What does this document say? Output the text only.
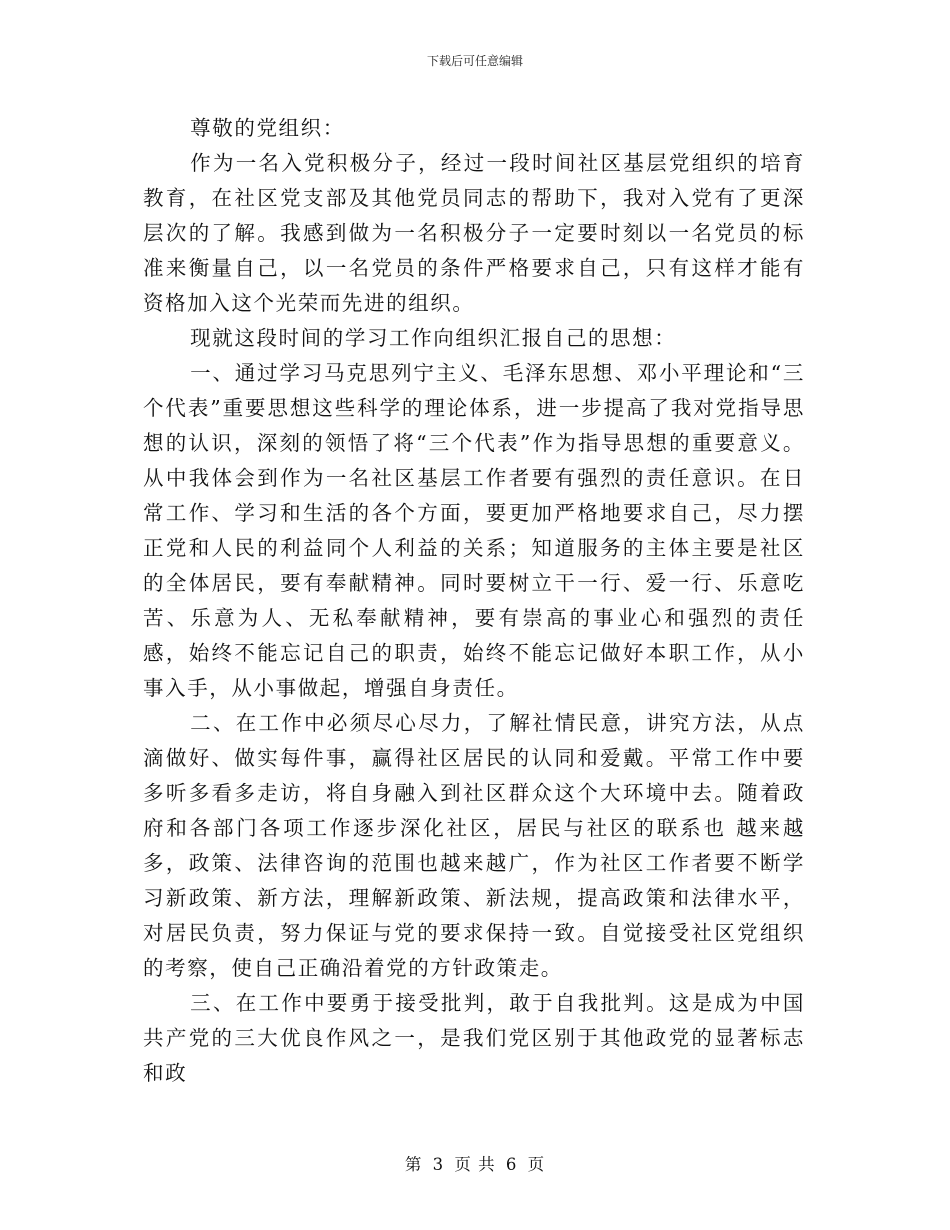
下载后可任意编辑

尊敬的党组织：

作为一名入党积极分子，经过一段时间社区基层党组织的培育教育，在社区党支部及其他党员同志的帮助下，我对入党有了更深层次的了解。我感到做为一名积极分子一定要时刻以一名党员的标准来衡量自己，以一名党员的条件严格要求自己，只有这样才能有资格加入这个光荣而先进的组织。

现就这段时间的学习工作向组织汇报自己的思想：

一、通过学习马克思列宁主义、毛泽东思想、邓小平理论和“三个代表”重要思想这些科学的理论体系，进一步提高了我对党指导思想的认识，深刻的领悟了将“三个代表”作为指导思想的重要意义。从中我体会到作为一名社区基层工作者要有强烈的责任意识。在日常工作、学习和生活的各个方面，要更加严格地要求自己，尽力摆正党和人民的利益同个人利益的关系；知道服务的主体主要是社区的全体居民，要有奉献精神。同时要树立干一行、爱一行、乐意吃苦、乐意为人、无私奉献精神，要有崇高的事业心和强烈的责任感，始终不能忘记自己的职责，始终不能忘记做好本职工作，从小事入手，从小事做起，增强自身责任。

二、在工作中必须尽心尽力，了解社情民意，讲究方法，从点滴做好、做实每件事，赢得社区居民的认同和爱戴。平常工作中要多听多看多走访，将自身融入到社区群众这个大环境中去。随着政府和各部门各项工作逐步深化社区，居民与社区的联系也 越来越多，政策、法律咨询的范围也越来越广，作为社区工作者要不断学习新政策、新方法，理解新政策、新法规，提高政策和法律水平，对居民负责，努力保证与党的要求保持一致。自觉接受社区党组织的考察，使自己正确沿着党的方针政策走。

三、在工作中要勇于接受批判，敢于自我批判。这是成为中国共产党的三大优良作风之一，是我们党区别于其他政党的显著标志和政

第 3 页 共 6 页
